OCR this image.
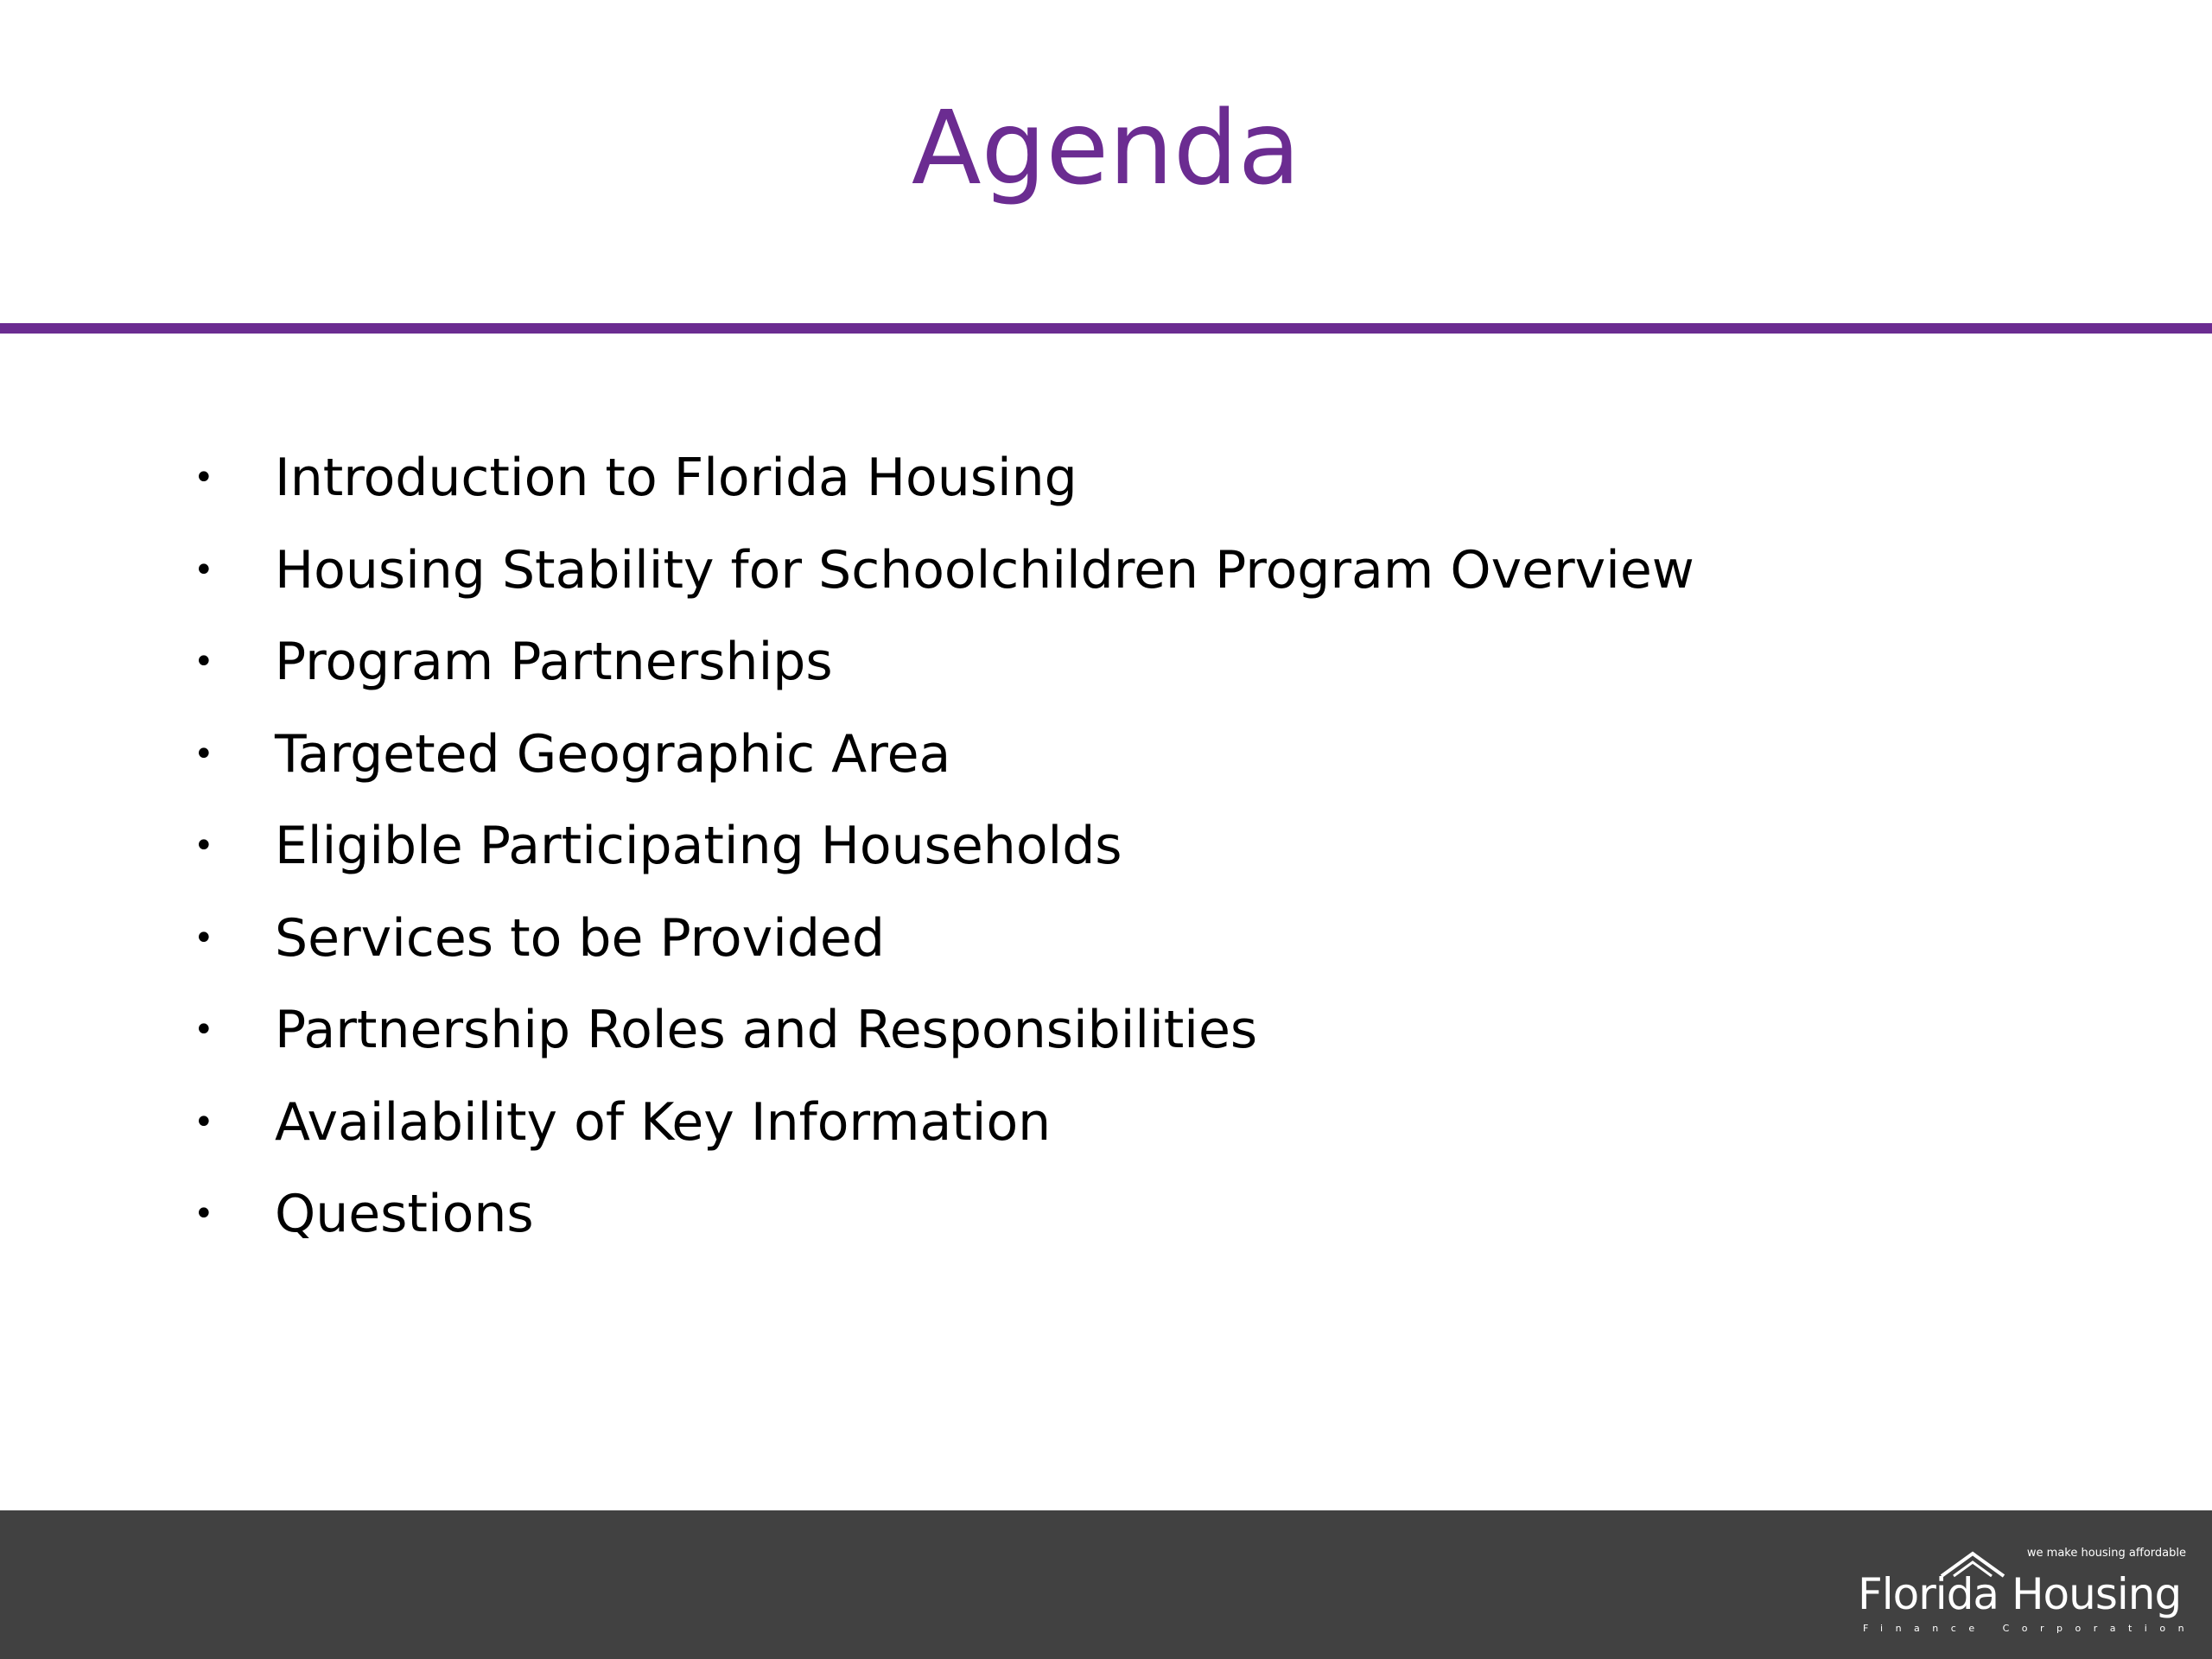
Agenda
•	Introduction to Florida Housing
•	Housing Stability for Schoolchildren Program Overview
•	Program Partnerships
•	Targeted Geographic Area
•	Eligible Participating Households
•	Services to be Provided
•	Partnership Roles and Responsibilities
•	Availability of Key Information
•	Questions
we make housing affordable
Florida Housing
Finance Corporation
